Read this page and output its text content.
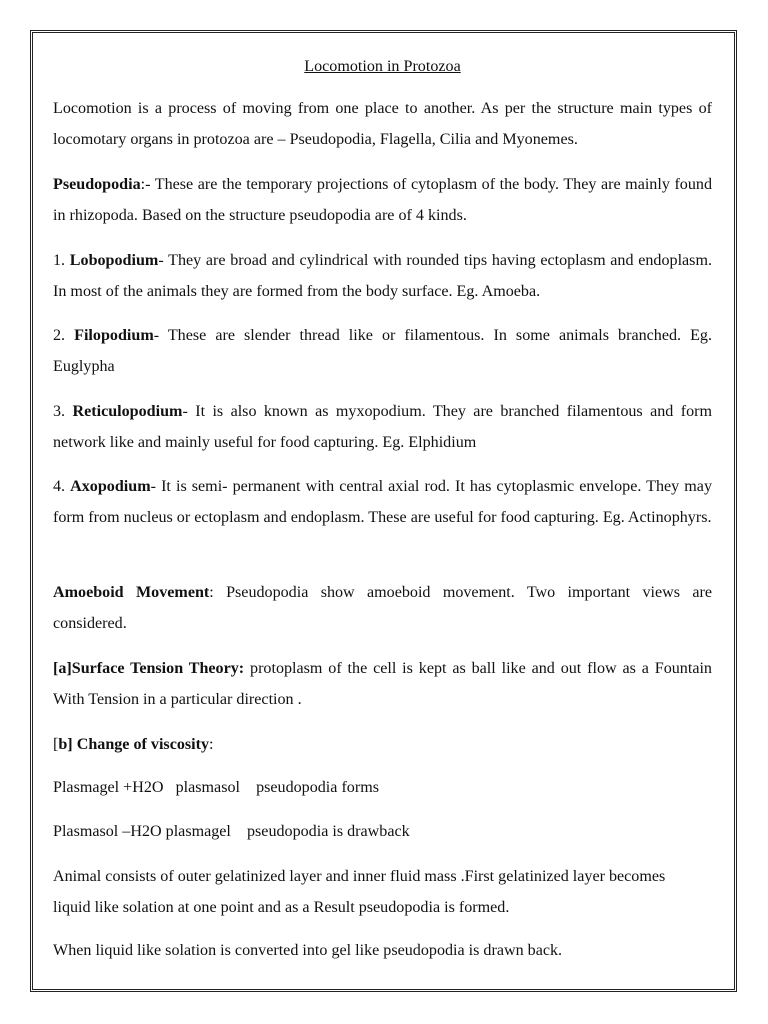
Locomotion in Protozoa

Locomotion is a process of moving from one place to another. As per the structure main types of locomotary organs in protozoa are – Pseudopodia, Flagella, Cilia and Myonemes.

Pseudopodia:- These are the temporary projections of cytoplasm of the body. They are mainly found in rhizopoda. Based on the structure pseudopodia are of 4 kinds.

1. Lobopodium- They are broad and cylindrical with rounded tips having ectoplasm and endoplasm. In most of the animals they are formed from the body surface. Eg. Amoeba.

2. Filopodium- These are slender thread like or filamentous. In some animals branched. Eg. Euglypha

3. Reticulopodium- It is also known as myxopodium. They are branched filamentous and form network like and mainly useful for food capturing. Eg. Elphidium

4. Axopodium- It is semi- permanent with central axial rod. It has cytoplasmic envelope. They may form from nucleus or ectoplasm and endoplasm. These are useful for food capturing. Eg. Actinophyrs.

Amoeboid Movement: Pseudopodia show amoeboid movement. Two important views are considered.

[a]Surface Tension Theory: protoplasm of the cell is kept as ball like and out flow as a Fountain With Tension in a particular direction .

[b] Change of viscosity:

Plasmagel +H2O   plasmasol    pseudopodia forms

Plasmasol –H2O plasmagel    pseudopodia is drawback

Animal consists of outer gelatinized layer and inner fluid mass .First gelatinized layer becomes liquid like solation at one point and as a Result pseudopodia is formed.

When liquid like solation is converted into gel like pseudopodia is drawn back.
